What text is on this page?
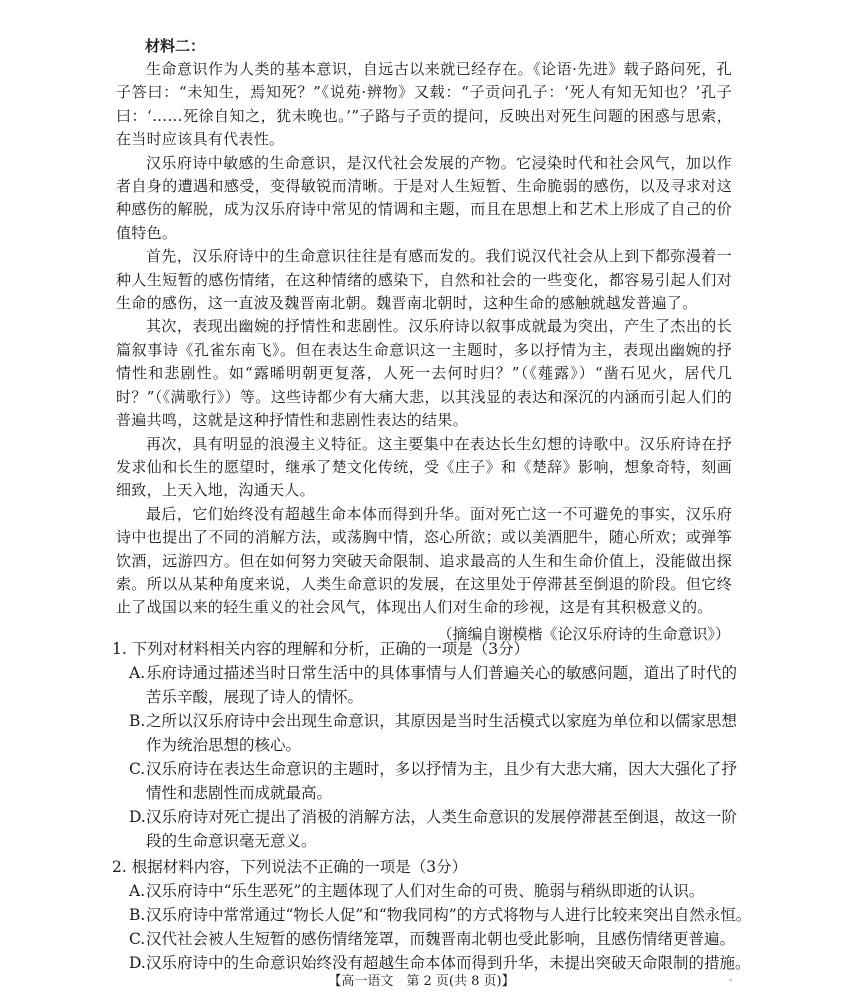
材料二：

生命意识作为人类的基本意识，自远古以来就已经存在。《论语·先进》载子路问死，孔子答曰：“未知生，焉知死？”《说苑·辨物》又载：“子贡问孔子：‘死人有知无知也？’孔子曰：‘……死徐自知之，犹未晚也。’”子路与子贡的提问，反映出对死生问题的困惑与思索，在当时应该具有代表性。

汉乐府诗中敏感的生命意识，是汉代社会发展的产物。它浸染时代和社会风气，加以作者自身的遭遇和感受，变得敏锐而清晰。于是对人生短暂、生命脆弱的感伤，以及寻求对这种感伤的解脱，成为汉乐府诗中常见的情调和主题，而且在思想上和艺术上形成了自己的价值特色。

首先，汉乐府诗中的生命意识往往是有感而发的。我们说汉代社会从上到下都弥漫着一种人生短暂的感伤情绪，在这种情绪的感染下，自然和社会的一些变化，都容易引起人们对生命的感伤，这一直波及魏晋南北朝。魏晋南北朝时，这种生命的感触就越发普遍了。

其次，表现出幽婉的抒情性和悲剧性。汉乐府诗以叙事成就最为突出，产生了杰出的长篇叙事诗《孔雀东南飞》。但在表达生命意识这一主题时，多以抒情为主，表现出幽婉的抒情性和悲剧性。如“露晞明朝更复落，人死一去何时归？”（《薤露》）“凿石见火，居代几时？”（《满歌行》）等。这些诗都少有大痛大悲，以其浅显的表达和深沉的内涵而引起人们的普遍共鸣，这就是这种抒情性和悲剧性表达的结果。

再次，具有明显的浪漫主义特征。这主要集中在表达长生幻想的诗歌中。汉乐府诗在抒发求仙和长生的愿望时，继承了楚文化传统，受《庄子》和《楚辞》影响，想象奇特，刻画细致，上天入地，沟通天人。

最后，它们始终没有超越生命本体而得到升华。面对死亡这一不可避免的事实，汉乐府诗中也提出了不同的消解方法，或荡胸中情，恣心所欲；或以美酒肥牛，随心所欢；或弹筝饮酒，远游四方。但在如何努力突破天命限制、追求最高的人生和生命价值上，没能做出探索。所以从某种角度来说，人类生命意识的发展，在这里处于停滞甚至倒退的阶段。但它终止了战国以来的轻生重义的社会风气，体现出人们对生命的珍视，这是有其积极意义的。

（摘编自谢模楷《论汉乐府诗的生命意识》）

1. 下列对材料相关内容的理解和分析，正确的一项是（3分）
A. 乐府诗通过描述当时日常生活中的具体事情与人们普遍关心的敏感问题，道出了时代的苦乐辛酸，展现了诗人的情怀。
B. 之所以汉乐府诗中会出现生命意识，其原因是当时生活模式以家庭为单位和以儒家思想作为统治思想的核心。
C. 汉乐府诗在表达生命意识的主题时，多以抒情为主，且少有大悲大痛，因大大强化了抒情性和悲剧性而成就最高。
D. 汉乐府诗对死亡提出了消极的消解方法，人类生命意识的发展停滞甚至倒退，故这一阶段的生命意识毫无意义。
2. 根据材料内容，下列说法不正确的一项是（3分）
A. 汉乐府诗中“乐生恶死”的主题体现了人们对生命的可贵、脆弱与稍纵即逝的认识。
B. 汉乐府诗中常常通过“物长人促”和“物我同构”的方式将物与人进行比较来突出自然永恒。
C. 汉代社会被人生短暂的感伤情绪笼罩，而魏晋南北朝也受此影响，且感伤情绪更普遍。
D. 汉乐府诗中的生命意识始终没有超越生命本体而得到升华，未提出突破天命限制的措施。
【高一语文　第 2 页(共 8 页)】	-
